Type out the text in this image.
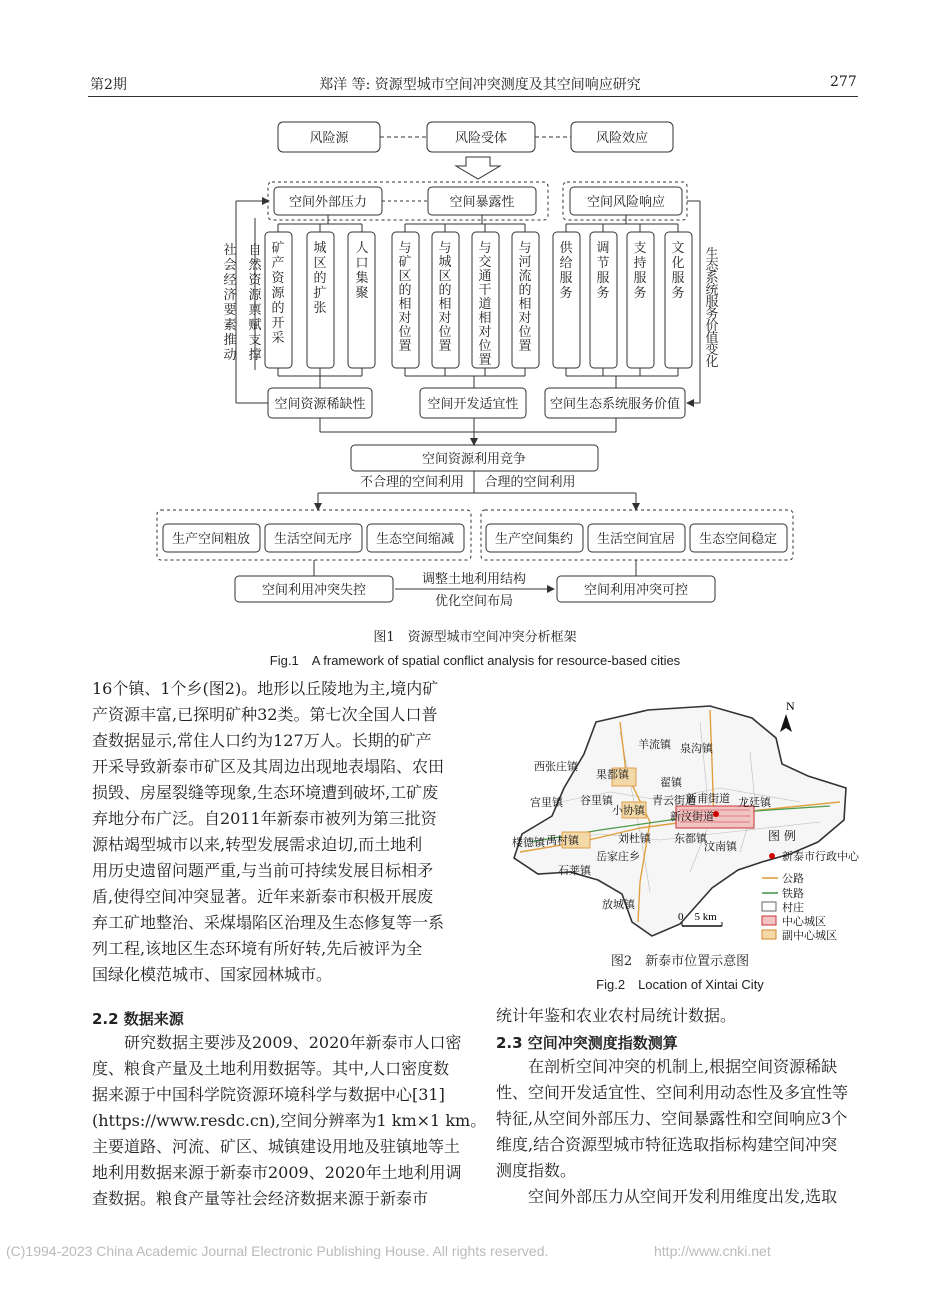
第2期	郑洋 等: 资源型城市空间冲突测度及其空间响应研究	277
风险源	风险受体	风险效应
空间外部压力	空间暴露性	空间风险响应
空间资源稀缺性	空间开发适宜性 空间生态系统服务价值
空间资源利用竞争
不合理的空间利用 合理的空间利用
生产空间粗放 生活空间无序 生态空间缩减	生产空间集约 生活空间宜居 生态空间稳定
空间利用冲突失控	空间利用冲突可控
调整土地利用结构
优化空间布局
矿产资源的开采
城区的扩张
人口集聚
与矿区的相对位置
与城区的相对位置
与交通干道相对位置
与河流的相对位置
供给服务
调节服务
支持服务
文化服务
社会经济要素推动
自然资源禀赋支撑
生态系统服务价值变化
图1　资源型城市空间冲突分析框架
Fig.1　A framework of spatial conflict analysis for resource-based cities
16个镇、1个乡(图2)。地形以丘陵地为主,境内矿
产资源丰富,已探明矿种32类。第七次全国人口普
查数据显示,常住人口约为127万人。长期的矿产
开采导致新泰市矿区及其周边出现地表塌陷、农田
损毁、房屋裂缝等现象,生态环境遭到破坏,工矿废
弃地分布广泛。自2011年新泰市被列为第三批资
源枯竭型城市以来,转型发展需求迫切,而土地利
用历史遗留问题严重,与当前可持续发展目标相矛
盾,使得空间冲突显著。近年来新泰市积极开展废
弃工矿地整治、采煤塌陷区治理及生态修复等一系
列工程,该地区生态环境有所好转,先后被评为全
国绿化模范城市、国家园林城市。
2.2 数据来源
　　研究数据主要涉及2009、2020年新泰市人口密
度、粮食产量及土地利用数据等。其中,人口密度数
据来源于中国科学院资源环境科学与数据中心[31]
(https://www.resdc.cn),空间分辨率为1 km×1 km。
主要道路、河流、矿区、城镇建设用地及驻镇地等土
地利用数据来源于新泰市2009、2020年土地利用调
查数据。粮食产量等社会经济数据来源于新泰市
羊流镇 泉沟镇
西张庄镇
果都镇
翟镇
青云街道
新甫街道 龙廷镇
宫里镇 谷里镇
小协镇 新汶街道
楼德镇 禹村镇	刘杜镇 东都镇
汶南镇
岳家庄乡
石莱镇
放城镇
N
图 例
新泰市行政中心
公路
铁路
村庄
中心城区
副中心城区
0　5 km
图2　新泰市位置示意图
Fig.2　Location of Xintai City
统计年鉴和农业农村局统计数据。
2.3 空间冲突测度指数测算
　　在剖析空间冲突的机制上,根据空间资源稀缺
性、空间开发适宜性、空间利用动态性及多宜性等
特征,从空间外部压力、空间暴露性和空间响应3个
维度,结合资源型城市特征选取指标构建空间冲突
测度指数。
　　空间外部压力从空间开发利用维度出发,选取
(C)1994-2023 China Academic Journal Electronic Publishing House. All rights reserved.	http://www.cnki.net
